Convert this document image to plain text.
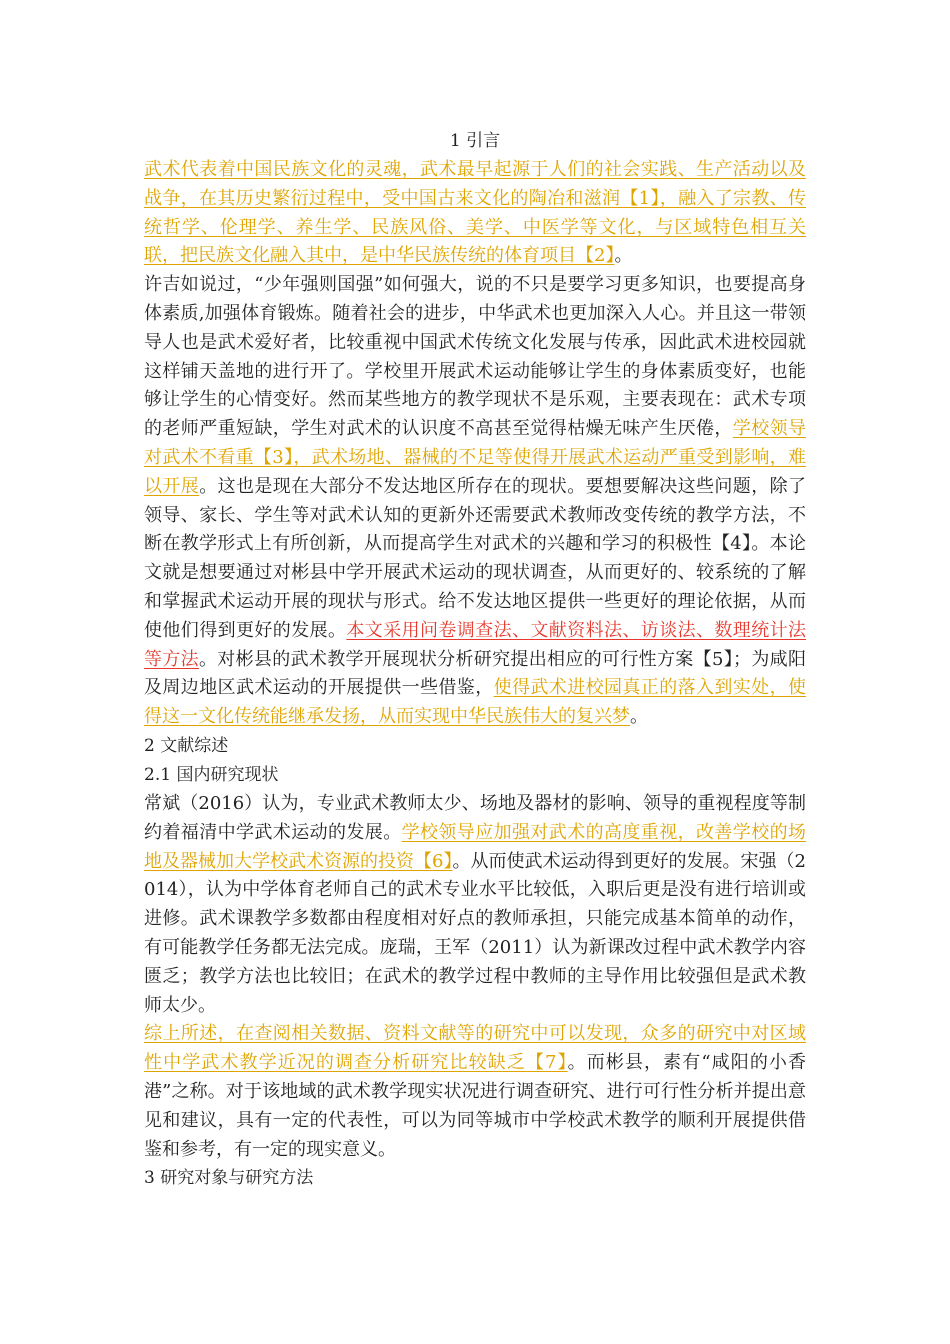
1 引言

武术代表着中国民族文化的灵魂，武术最早起源于人们的社会实践、生产活动以及战争，在其历史繁衍过程中，受中国古来文化的陶冶和滋润【1】，融入了宗教、传统哲学、伦理学、养生学、民族风俗、美学、中医学等文化，与区域特色相互关联，把民族文化融入其中，是中华民族传统的体育项目【2】。

许吉如说过，“少年强则国强”如何强大，说的不只是要学习更多知识，也要提高身体素质,加强体育锻炼。随着社会的进步，中华武术也更加深入人心。并且这一带领导人也是武术爱好者，比较重视中国武术传统文化发展与传承，因此武术进校园就这样铺天盖地的进行开了。学校里开展武术运动能够让学生的身体素质变好，也能够让学生的心情变好。然而某些地方的教学现状不是乐观，主要表现在：武术专项的老师严重短缺，学生对武术的认识度不高甚至觉得枯燥无味产生厌倦，学校领导对武术不看重【3】，武术场地、器械的不足等使得开展武术运动严重受到影响，难以开展。这也是现在大部分不发达地区所存在的现状。要想要解决这些问题，除了领导、家长、学生等对武术认知的更新外还需要武术教师改变传统的教学方法，不断在教学形式上有所创新，从而提高学生对武术的兴趣和学习的积极性【4】。本论文就是想要通过对彬县中学开展武术运动的现状调查，从而更好的、较系统的了解和掌握武术运动开展的现状与形式。给不发达地区提供一些更好的理论依据，从而使他们得到更好的发展。本文采用问卷调查法、文献资料法、访谈法、数理统计法等方法。对彬县的武术教学开展现状分析研究提出相应的可行性方案【5】；为咸阳及周边地区武术运动的开展提供一些借鉴，使得武术进校园真正的落入到实处，使得这一文化传统能继承发扬，从而实现中华民族伟大的复兴梦。

2 文献综述

2.1 国内研究现状

常斌（2016）认为，专业武术教师太少、场地及器材的影响、领导的重视程度等制约着福清中学武术运动的发展。学校领导应加强对武术的高度重视，改善学校的场地及器械加大学校武术资源的投资【6】。从而使武术运动得到更好的发展。宋强（2014），认为中学体育老师自己的武术专业水平比较低，入职后更是没有进行培训或进修。武术课教学多数都由程度相对好点的教师承担，只能完成基本简单的动作，有可能教学任务都无法完成。庞瑞，王军（2011）认为新课改过程中武术教学内容匮乏；教学方法也比较旧；在武术的教学过程中教师的主导作用比较强但是武术教师太少。

综上所述，在查阅相关数据、资料文献等的研究中可以发现，众多的研究中对区域性中学武术教学近况的调查分析研究比较缺乏【7】。而彬县，素有“咸阳的小香港”之称。对于该地域的武术教学现实状况进行调查研究、进行可行性分析并提出意见和建议，具有一定的代表性，可以为同等城市中学校武术教学的顺利开展提供借鉴和参考，有一定的现实意义。

3 研究对象与研究方法
